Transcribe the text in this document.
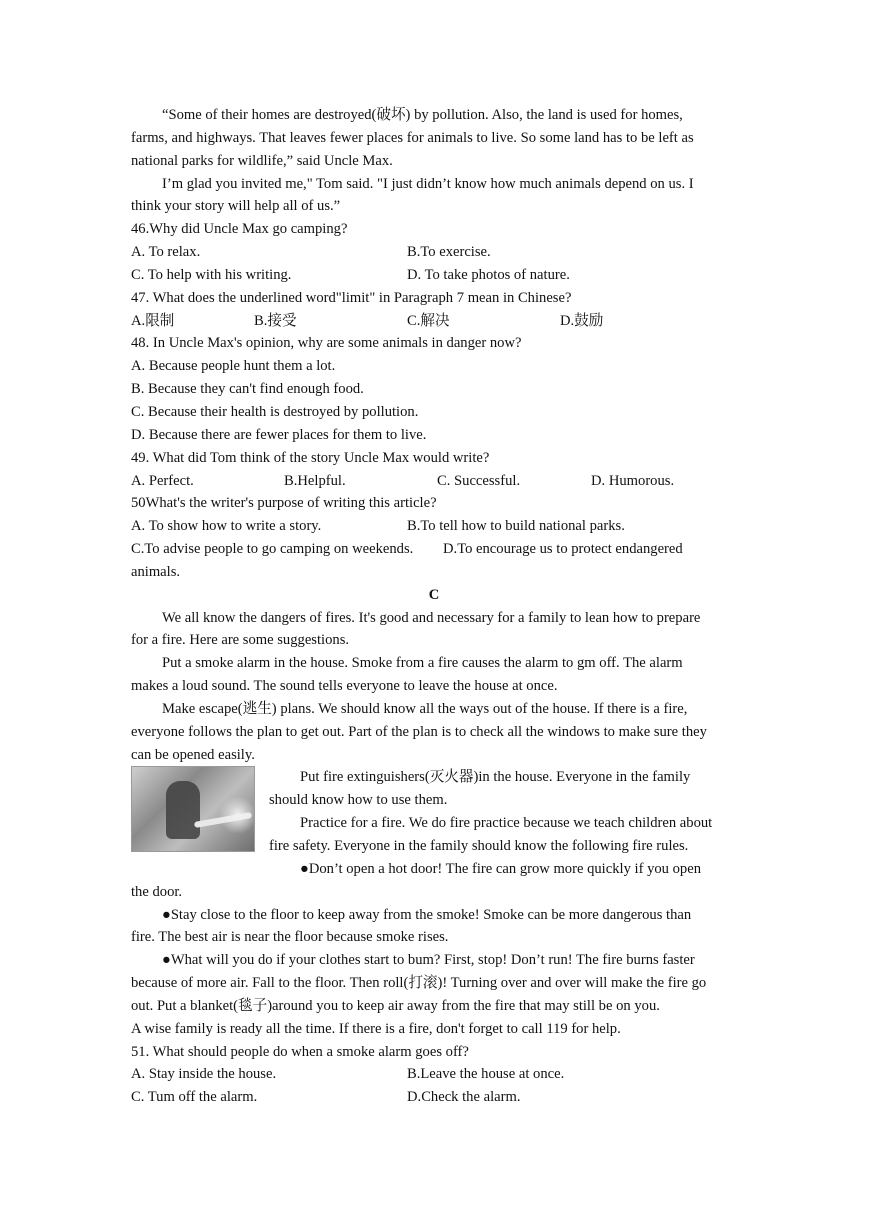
“Some of their homes are destroyed(破坏) by pollution. Also, the land is used for homes,
farms, and highways. That leaves fewer places for animals to live. So some land has to be left as
national parks for wildlife,” said Uncle Max.
I’m glad you invited me," Tom said. "I just didn’t know how much animals depend on us. I
think your story will help all of us.”
46.Why did Uncle Max go camping?
A. To relax.	B.To exercise.
C. To help with his writing.	D. To take photos of nature.
47. What does the underlined word"limit" in Paragraph 7 mean in Chinese?
A.限制	B.接受	C.解决	D.鼓励
48. In Uncle Max's opinion, why are some animals in danger now?
A. Because people hunt them a lot.
B. Because they can't find enough food.
C. Because their health is destroyed by pollution.
D. Because there are fewer places for them to live.
49. What did Tom think of the story Uncle Max would write?
A. Perfect.	B.Helpful.	C. Successful.	D. Humorous.
50What's the writer's purpose of writing this article?
A. To show how to write a story.	B.To tell how to build national parks.
C.To advise people to go camping on weekends. D.To encourage us to protect endangered
animals.
C
We all know the dangers of fires. It's good and necessary for a family to lean how to prepare
for a fire. Here are some suggestions.
Put a smoke alarm in the house. Smoke from a fire causes the alarm to gm off. The alarm
makes a loud sound. The sound tells everyone to leave the house at once.
Make escape(逃生) plans. We should know all the ways out of the house. If there is a fire,
everyone follows the plan to get out. Part of the plan is to check all the windows to make sure they
can be opened easily.
Put fire extinguishers(灭火器)in the house. Everyone in the family
should know how to use them.
Practice for a fire. We do fire practice because we teach children about
fire safety. Everyone in the family should know the following fire rules.
●Don’t open a hot door! The fire can grow more quickly if you open
the door.
●Stay close to the floor to keep away from the smoke! Smoke can be more dangerous than
fire. The best air is near the floor because smoke rises.
●What will you do if your clothes start to bum? First, stop! Don’t run! The fire burns faster
because of more air. Fall to the floor. Then roll(打滚)! Turning over and over will make the fire go
out. Put a blanket(毯子)around you to keep air away from the fire that may still be on you.
A wise family is ready all the time. If there is a fire, don't forget to call 119 for help.
51. What should people do when a smoke alarm goes off?
A. Stay inside the house.	B.Leave the house at once.
C. Tum off the alarm.	D.Check the alarm.
